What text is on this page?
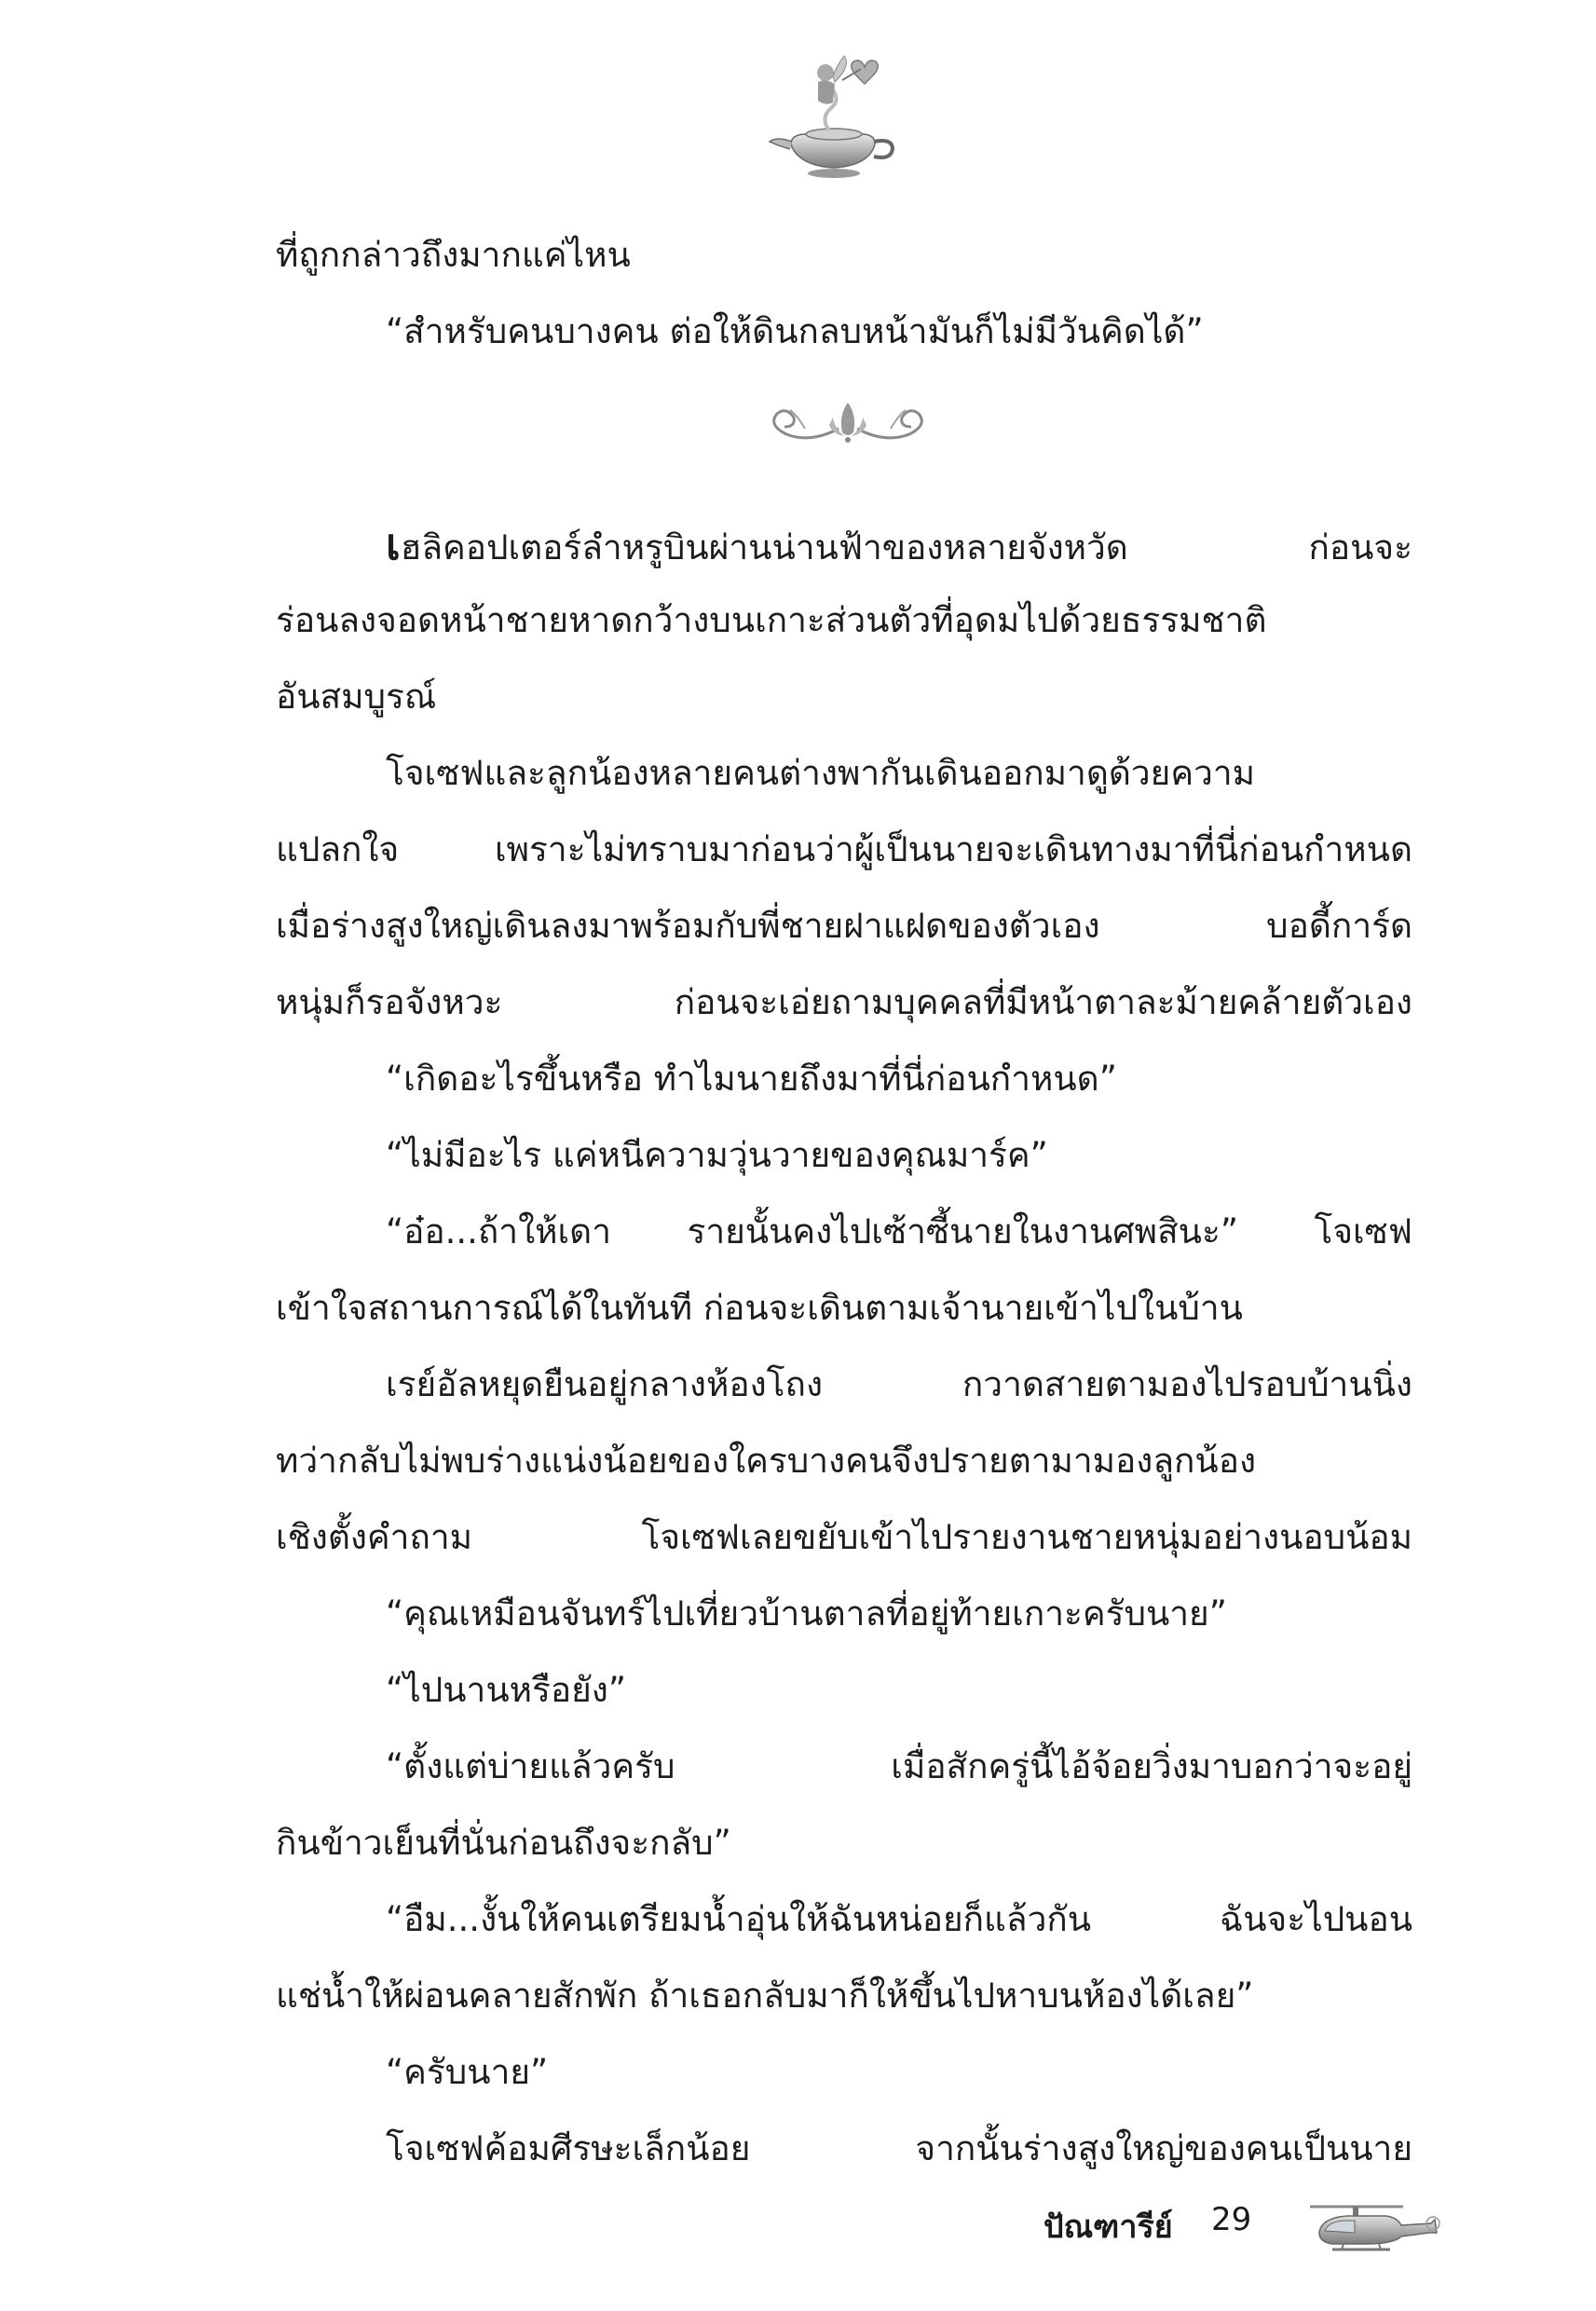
ที่ถูกกล่าวถึงมากแค่ไหน
“สำหรับคนบางคน ต่อให้ดินกลบหน้ามันก็ไม่มีวันคิดได้”
เฮลิคอปเตอร์ลำหรูบินผ่านน่านฟ้าของหลายจังหวัด ก่อนจะ
ร่อนลงจอดหน้าชายหาดกว้างบนเกาะส่วนตัวที่อุดมไปด้วยธรรมชาติ
อันสมบูรณ์
โจเซฟและลูกน้องหลายคนต่างพากันเดินออกมาดูด้วยความ
แปลกใจ เพราะไม่ทราบมาก่อนว่าผู้เป็นนายจะเดินทางมาที่นี่ก่อนกำหนด
เมื่อร่างสูงใหญ่เดินลงมาพร้อมกับพี่ชายฝาแฝดของตัวเอง บอดี้การ์ด
หนุ่มก็รอจังหวะ ก่อนจะเอ่ยถามบุคคลที่มีหน้าตาละม้ายคล้ายตัวเอง
“เกิดอะไรขึ้นหรือ ทำไมนายถึงมาที่นี่ก่อนกำหนด”
“ไม่มีอะไร แค่หนีความวุ่นวายของคุณมาร์ค”
“อ๋อ...ถ้าให้เดา รายนั้นคงไปเซ้าซี้นายในงานศพสินะ” โจเซฟ
เข้าใจสถานการณ์ได้ในทันที ก่อนจะเดินตามเจ้านายเข้าไปในบ้าน
เรย์อัลหยุดยืนอยู่กลางห้องโถง กวาดสายตามองไปรอบบ้านนิ่ง
ทว่ากลับไม่พบร่างแน่งน้อยของใครบางคนจึงปรายตามามองลูกน้อง
เชิงตั้งคำถาม โจเซฟเลยขยับเข้าไปรายงานชายหนุ่มอย่างนอบน้อม
“คุณเหมือนจันทร์ไปเที่ยวบ้านตาลที่อยู่ท้ายเกาะครับนาย”
“ไปนานหรือยัง”
“ตั้งแต่บ่ายแล้วครับ เมื่อสักครู่นี้ไอ้จ้อยวิ่งมาบอกว่าจะอยู่
กินข้าวเย็นที่นั่นก่อนถึงจะกลับ”
“อืม...งั้นให้คนเตรียมน้ำอุ่นให้ฉันหน่อยก็แล้วกัน ฉันจะไปนอน
แช่น้ำให้ผ่อนคลายสักพัก ถ้าเธอกลับมาก็ให้ขึ้นไปหาบนห้องได้เลย”
“ครับนาย”
โจเซฟค้อมศีรษะเล็กน้อย จากนั้นร่างสูงใหญ่ของคนเป็นนาย
ปัณฑารีย์ 29
